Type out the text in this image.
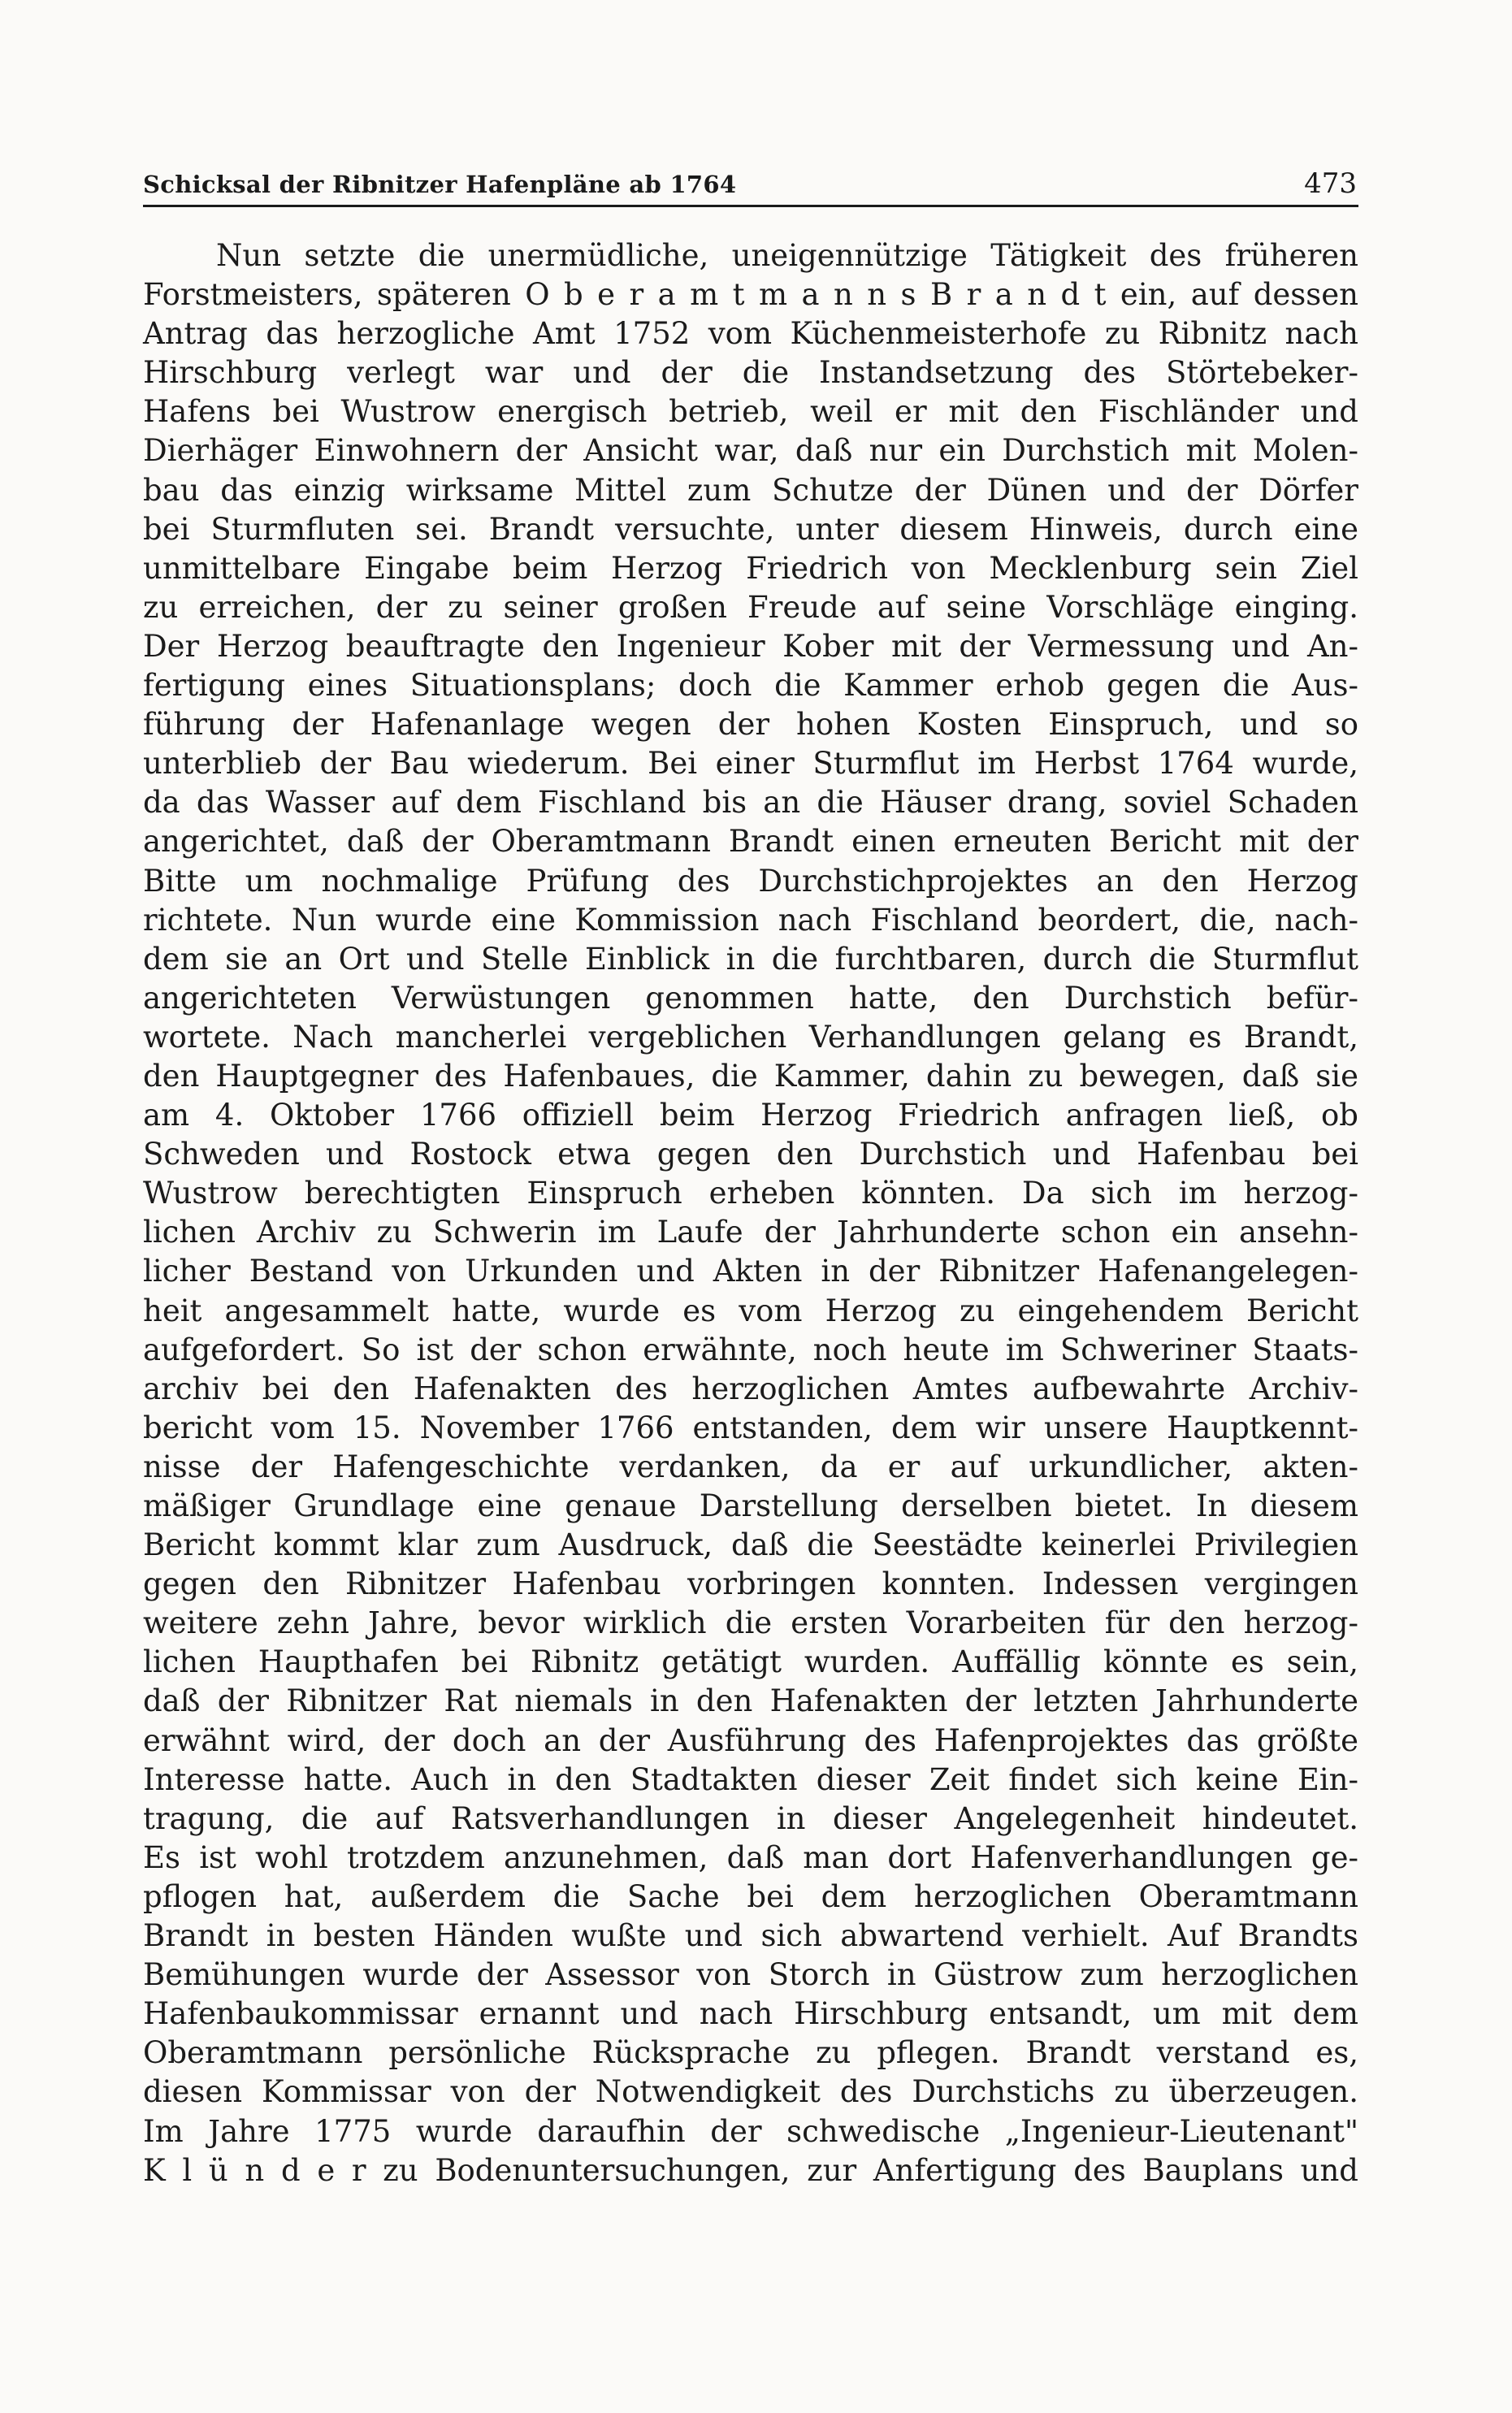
Schicksal der Ribnitzer Hafenpläne ab 1764	473
Nun setzte die unermüdliche, uneigennützige Tätigkeit des früheren
Forstmeisters, späteren O b e r a m t m a n n s B r a n d t ein, auf dessen
Antrag das herzogliche Amt 1752 vom Küchenmeisterhofe zu Ribnitz nach
Hirschburg verlegt war und der die Instandsetzung des Störtebeker-
Hafens bei Wustrow energisch betrieb, weil er mit den Fischländer und
Dierhäger Einwohnern der Ansicht war, daß nur ein Durchstich mit Molen-
bau das einzig wirksame Mittel zum Schutze der Dünen und der Dörfer
bei Sturmfluten sei. Brandt versuchte, unter diesem Hinweis, durch eine
unmittelbare Eingabe beim Herzog Friedrich von Mecklenburg sein Ziel
zu erreichen, der zu seiner großen Freude auf seine Vorschläge einging.
Der Herzog beauftragte den Ingenieur Kober mit der Vermessung und An-
fertigung eines Situationsplans; doch die Kammer erhob gegen die Aus-
führung der Hafenanlage wegen der hohen Kosten Einspruch, und so
unterblieb der Bau wiederum. Bei einer Sturmflut im Herbst 1764 wurde,
da das Wasser auf dem Fischland bis an die Häuser drang, soviel Schaden
angerichtet, daß der Oberamtmann Brandt einen erneuten Bericht mit der
Bitte um nochmalige Prüfung des Durchstichprojektes an den Herzog
richtete. Nun wurde eine Kommission nach Fischland beordert, die, nach-
dem sie an Ort und Stelle Einblick in die furchtbaren, durch die Sturmflut
angerichteten Verwüstungen genommen hatte, den Durchstich befür-
wortete. Nach mancherlei vergeblichen Verhandlungen gelang es Brandt,
den Hauptgegner des Hafenbaues, die Kammer, dahin zu bewegen, daß sie
am 4. Oktober 1766 offiziell beim Herzog Friedrich anfragen ließ, ob
Schweden und Rostock etwa gegen den Durchstich und Hafenbau bei
Wustrow berechtigten Einspruch erheben könnten. Da sich im herzog-
lichen Archiv zu Schwerin im Laufe der Jahrhunderte schon ein ansehn-
licher Bestand von Urkunden und Akten in der Ribnitzer Hafenangelegen-
heit angesammelt hatte, wurde es vom Herzog zu eingehendem Bericht
aufgefordert. So ist der schon erwähnte, noch heute im Schweriner Staats-
archiv bei den Hafenakten des herzoglichen Amtes aufbewahrte Archiv-
bericht vom 15. November 1766 entstanden, dem wir unsere Hauptkennt-
nisse der Hafengeschichte verdanken, da er auf urkundlicher, akten-
mäßiger Grundlage eine genaue Darstellung derselben bietet. In diesem
Bericht kommt klar zum Ausdruck, daß die Seestädte keinerlei Privilegien
gegen den Ribnitzer Hafenbau vorbringen konnten. Indessen vergingen
weitere zehn Jahre, bevor wirklich die ersten Vorarbeiten für den herzog-
lichen Haupthafen bei Ribnitz getätigt wurden. Auffällig könnte es sein,
daß der Ribnitzer Rat niemals in den Hafenakten der letzten Jahrhunderte
erwähnt wird, der doch an der Ausführung des Hafenprojektes das größte
Interesse hatte. Auch in den Stadtakten dieser Zeit findet sich keine Ein-
tragung, die auf Ratsverhandlungen in dieser Angelegenheit hindeutet.
Es ist wohl trotzdem anzunehmen, daß man dort Hafenverhandlungen ge-
pflogen hat, außerdem die Sache bei dem herzoglichen Oberamtmann
Brandt in besten Händen wußte und sich abwartend verhielt. Auf Brandts
Bemühungen wurde der Assessor von Storch in Güstrow zum herzoglichen
Hafenbaukommissar ernannt und nach Hirschburg entsandt, um mit dem
Oberamtmann persönliche Rücksprache zu pflegen. Brandt verstand es,
diesen Kommissar von der Notwendigkeit des Durchstichs zu überzeugen.
Im Jahre 1775 wurde daraufhin der schwedische „Ingenieur-Lieutenant"
K l ü n d e r zu Bodenuntersuchungen, zur Anfertigung des Bauplans und
